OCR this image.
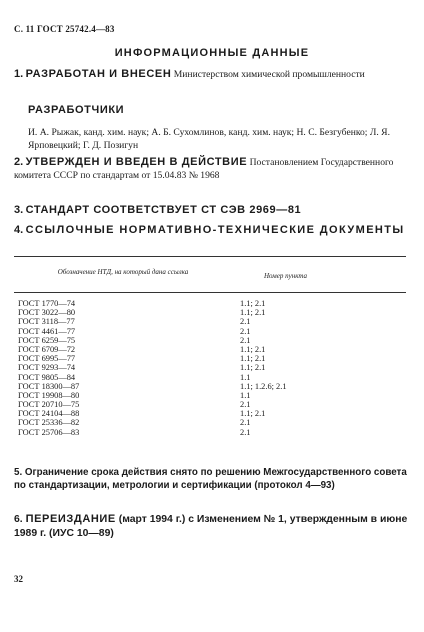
С. 11 ГОСТ 25742.4—83
ИНФОРМАЦИОННЫЕ ДАННЫЕ
1. РАЗРАБОТАН И ВНЕСЕН Министерством химической промышленности
РАЗРАБОТЧИКИ
И. А. Рыжак, канд. хим. наук; А. Б. Сухомлинов, канд. хим. наук; Н. С. Безгубенко; Л. Я. Ярповецкий; Г. Д. Позигун
2. УТВЕРЖДЕН И ВВЕДЕН В ДЕЙСТВИЕ Постановлением Государственного комитета СССР по стандартам от 15.04.83 № 1968
3. СТАНДАРТ СООТВЕТСТВУЕТ СТ СЭВ 2969—81
4. ССЫЛОЧНЫЕ НОРМАТИВНО-ТЕХНИЧЕСКИЕ ДОКУМЕНТЫ
Обозначение НТД, на который дана ссылка	Номер пункта
ГОСТ 1770—74	1.1; 2.1
ГОСТ 3022—80	1.1; 2.1
ГОСТ 3118—77	2.1
ГОСТ 4461—77	2.1
ГОСТ 6259—75	2.1
ГОСТ 6709—72	1.1; 2.1
ГОСТ 6995—77	1.1; 2.1
ГОСТ 9293—74	1.1; 2.1
ГОСТ 9805—84	1.1
ГОСТ 18300—87	1.1; 1.2.6; 2.1
ГОСТ 19908—80	1.1
ГОСТ 20710—75	2.1
ГОСТ 24104—88	1.1; 2.1
ГОСТ 25336—82	2.1
ГОСТ 25706—83	2.1
5. Ограничение срока действия снято по решению Межгосударственного совета по стандартизации, метрологии и сертификации (протокол 4—93)
6. ПЕРЕИЗДАНИЕ (март 1994 г.) с Изменением № 1, утвержденным в июне 1989 г. (ИУС 10—89)
32
